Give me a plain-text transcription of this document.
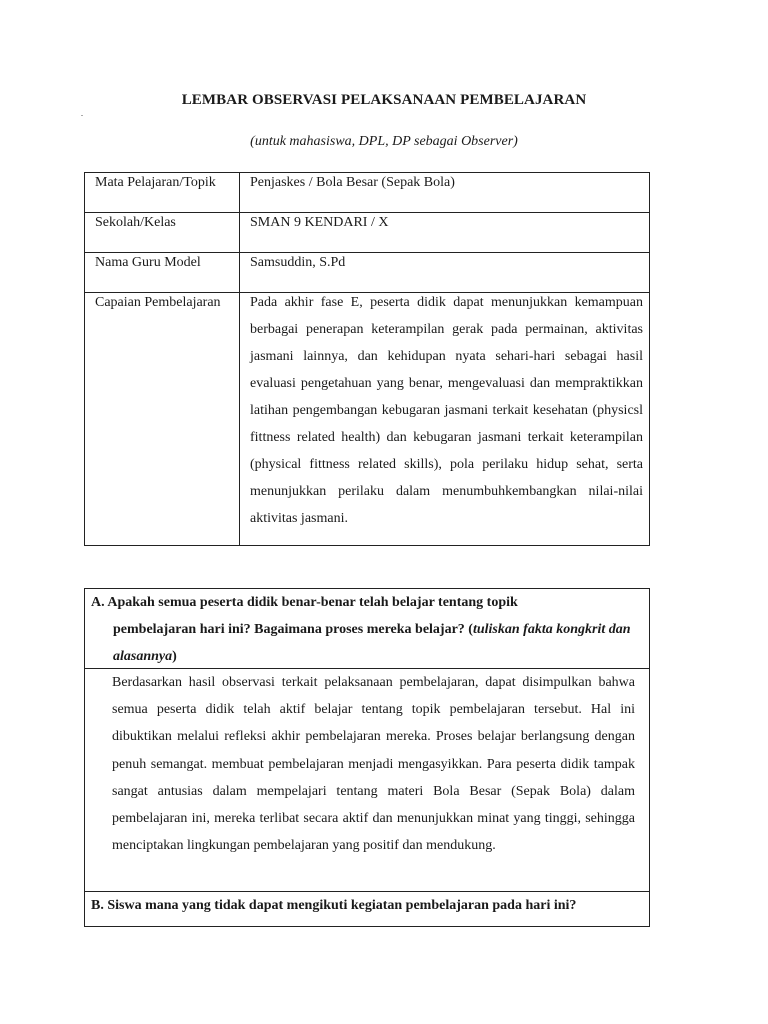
.
LEMBAR OBSERVASI PELAKSANAAN PEMBELAJARAN
(untuk mahasiswa, DPL, DP sebagai Observer)
Mata Pelajaran/Topik	Penjaskes / Bola Besar (Sepak Bola)
Sekolah/Kelas	SMAN 9 KENDARI / X
Nama Guru Model	Samsuddin, S.Pd
Capaian Pembelajaran	Pada akhir fase E, peserta didik dapat menunjukkan kemampuan berbagai penerapan keterampilan gerak pada permainan, aktivitas jasmani lainnya, dan kehidupan nyata sehari-hari sebagai hasil evaluasi pengetahuan yang benar, mengevaluasi dan mempraktikkan latihan pengembangan kebugaran jasmani terkait kesehatan (physicsl fittness related health) dan kebugaran jasmani terkait keterampilan (physical fittness related skills), pola perilaku hidup sehat, serta menunjukkan perilaku dalam menumbuhkembangkan nilai-nilai aktivitas jasmani.
A. Apakah semua peserta didik benar-benar telah belajar tentang topik
pembelajaran hari ini? Bagaimana proses mereka belajar? (tuliskan fakta kongkrit dan alasannya)
Berdasarkan hasil observasi terkait pelaksanaan pembelajaran, dapat disimpulkan bahwa semua peserta didik telah aktif belajar tentang topik pembelajaran tersebut. Hal ini dibuktikan melalui refleksi akhir pembelajaran mereka. Proses belajar berlangsung dengan penuh semangat. membuat pembelajaran menjadi mengasyikkan. Para peserta didik tampak sangat antusias dalam mempelajari tentang materi Bola Besar (Sepak Bola) dalam pembelajaran ini, mereka terlibat secara aktif dan menunjukkan minat yang tinggi, sehingga menciptakan lingkungan pembelajaran yang positif dan mendukung.
B. Siswa mana yang tidak dapat mengikuti kegiatan pembelajaran pada hari ini?
